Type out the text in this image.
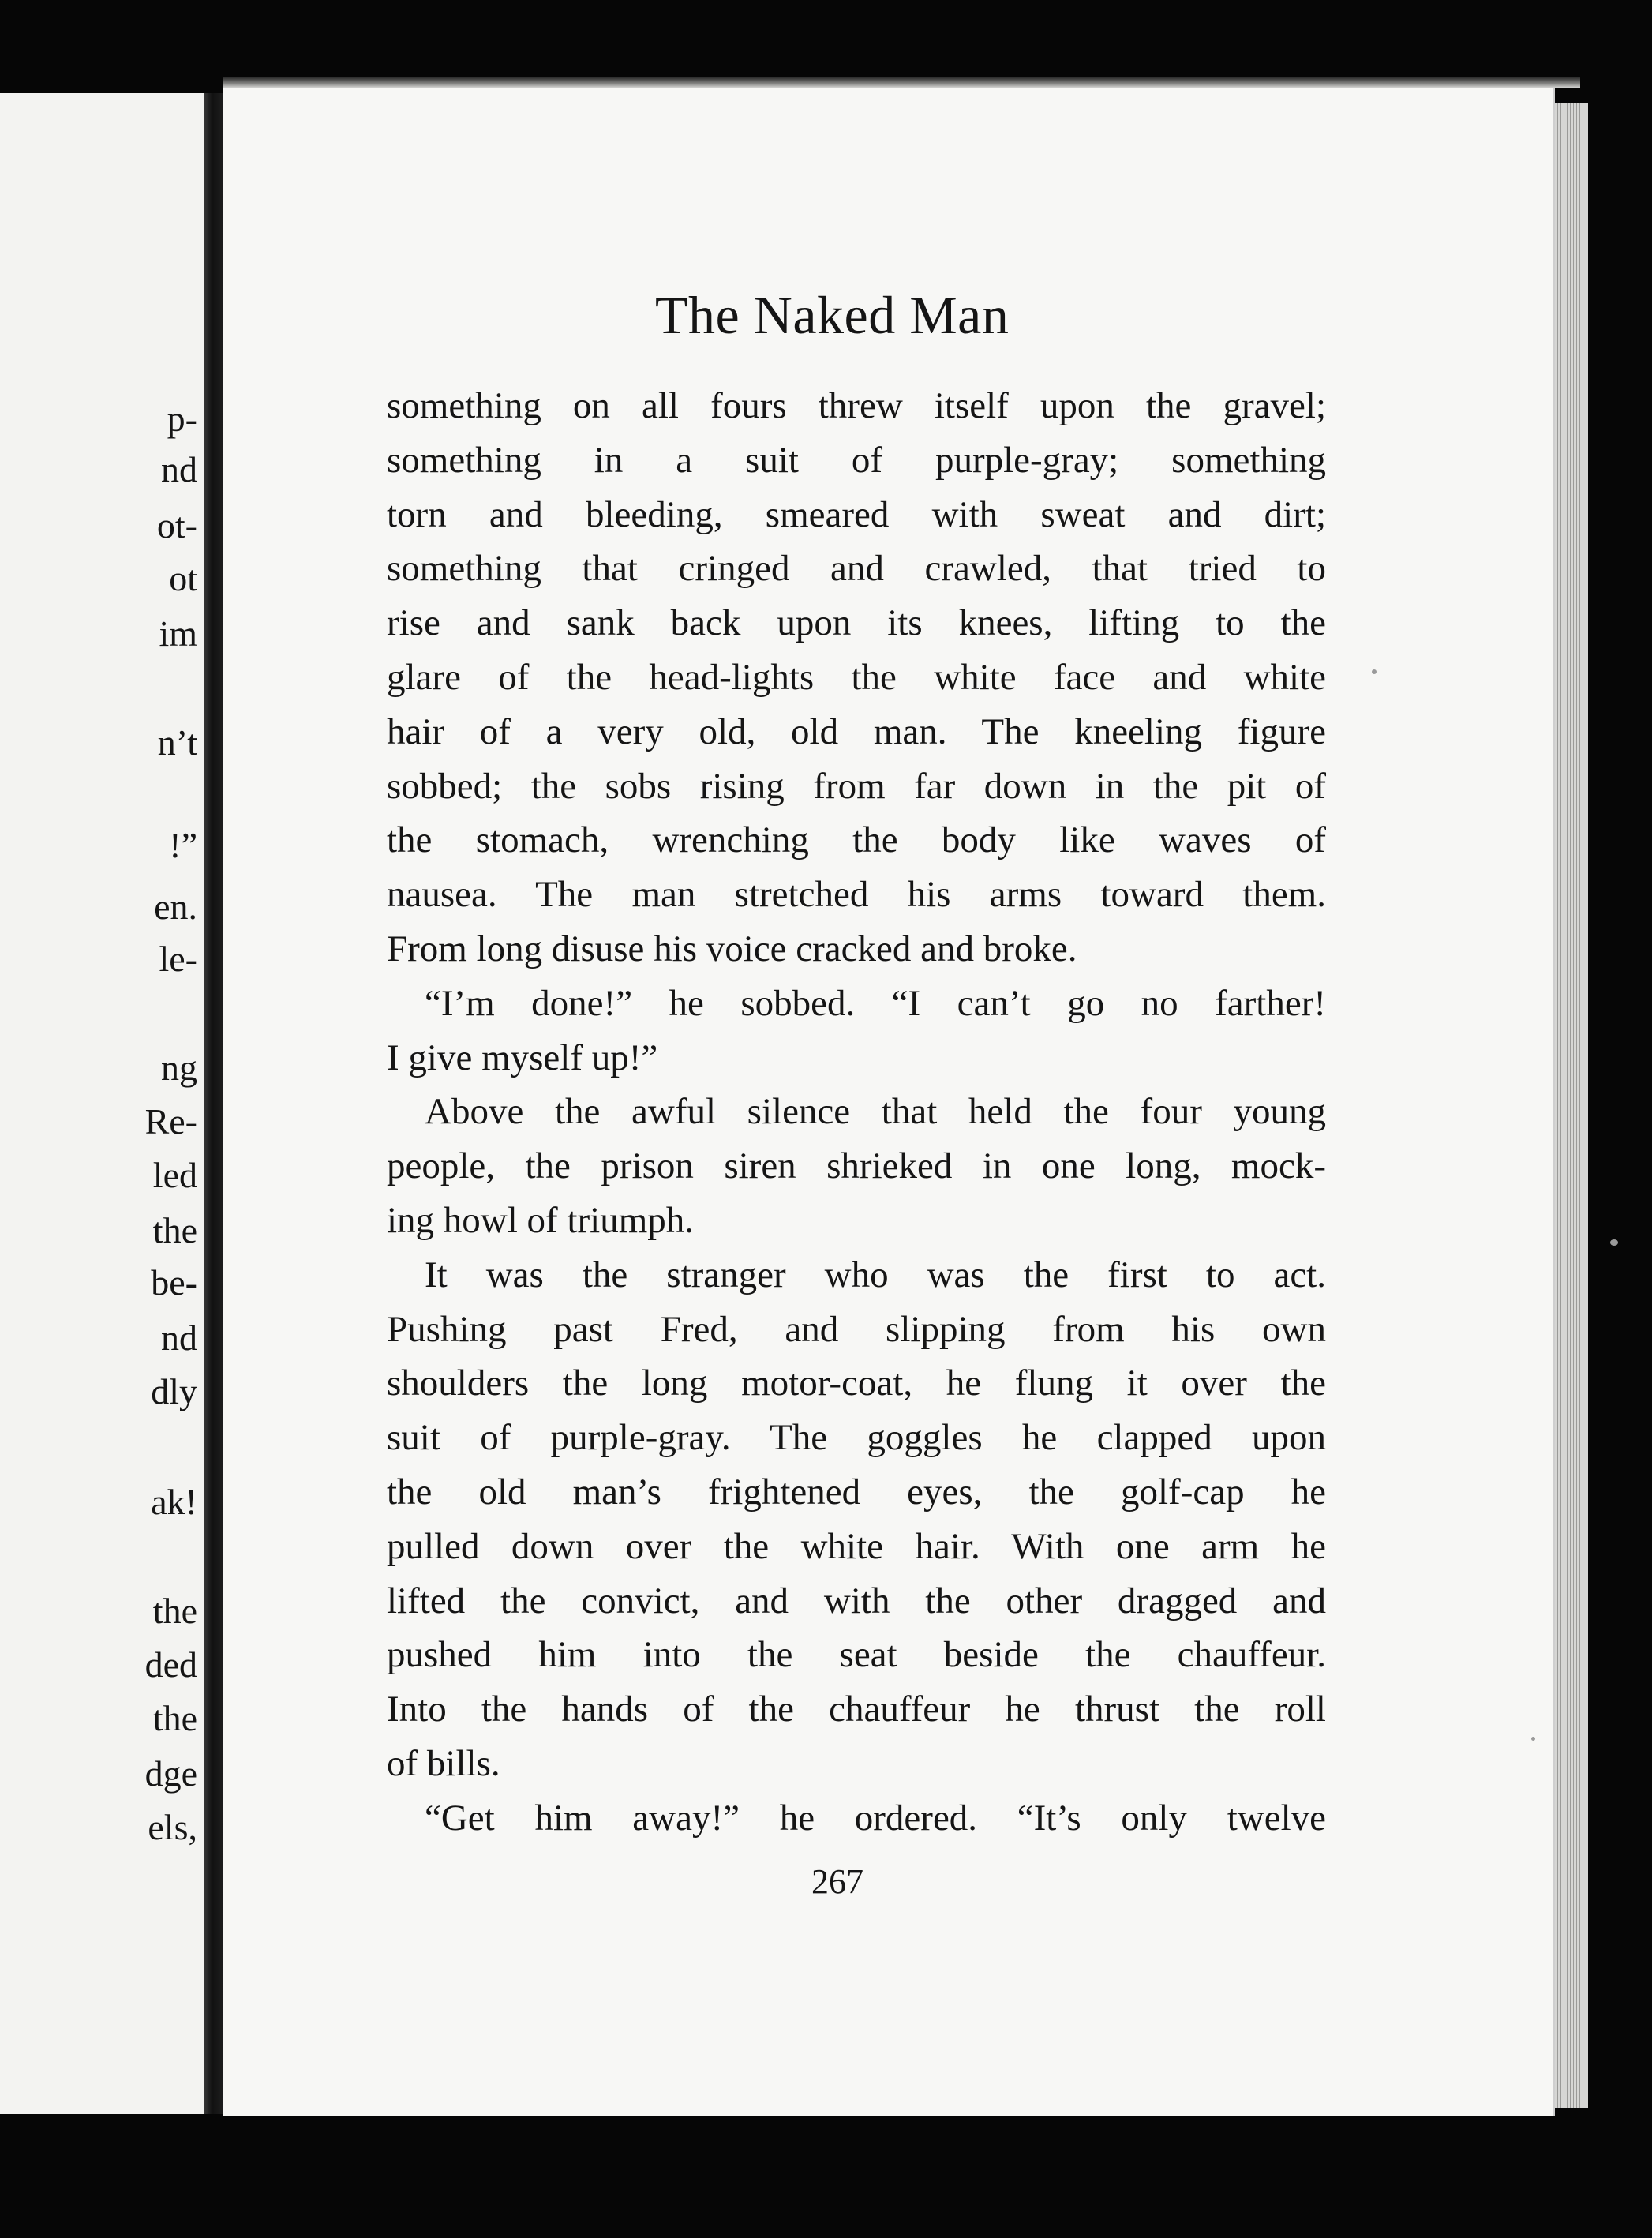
p-
nd
ot-
ot
im
n’t
!”
en.
le-
ng
Re-
led
the
be-
nd
dly
ak!
the
ded
the
dge
els,
The Naked Man
something on all fours threw itself upon the gravel;
something in a suit of purple-gray; something
torn and bleeding, smeared with sweat and dirt;
something that cringed and crawled, that tried to
rise and sank back upon its knees, lifting to the
glare of the head-lights the white face and white
hair of a very old, old man. The kneeling figure
sobbed; the sobs rising from far down in the pit of
the stomach, wrenching the body like waves of
nausea. The man stretched his arms toward them.
From long disuse his voice cracked and broke.
“I’m done!” he sobbed. “I can’t go no farther!
I give myself up!”
Above the awful silence that held the four young
people, the prison siren shrieked in one long, mock-
ing howl of triumph.
It was the stranger who was the first to act.
Pushing past Fred, and slipping from his own
shoulders the long motor-coat, he flung it over the
suit of purple-gray. The goggles he clapped upon
the old man’s frightened eyes, the golf-cap he
pulled down over the white hair. With one arm he
lifted the convict, and with the other dragged and
pushed him into the seat beside the chauffeur.
Into the hands of the chauffeur he thrust the roll
of bills.
“Get him away!” he ordered. “It’s only twelve
267
